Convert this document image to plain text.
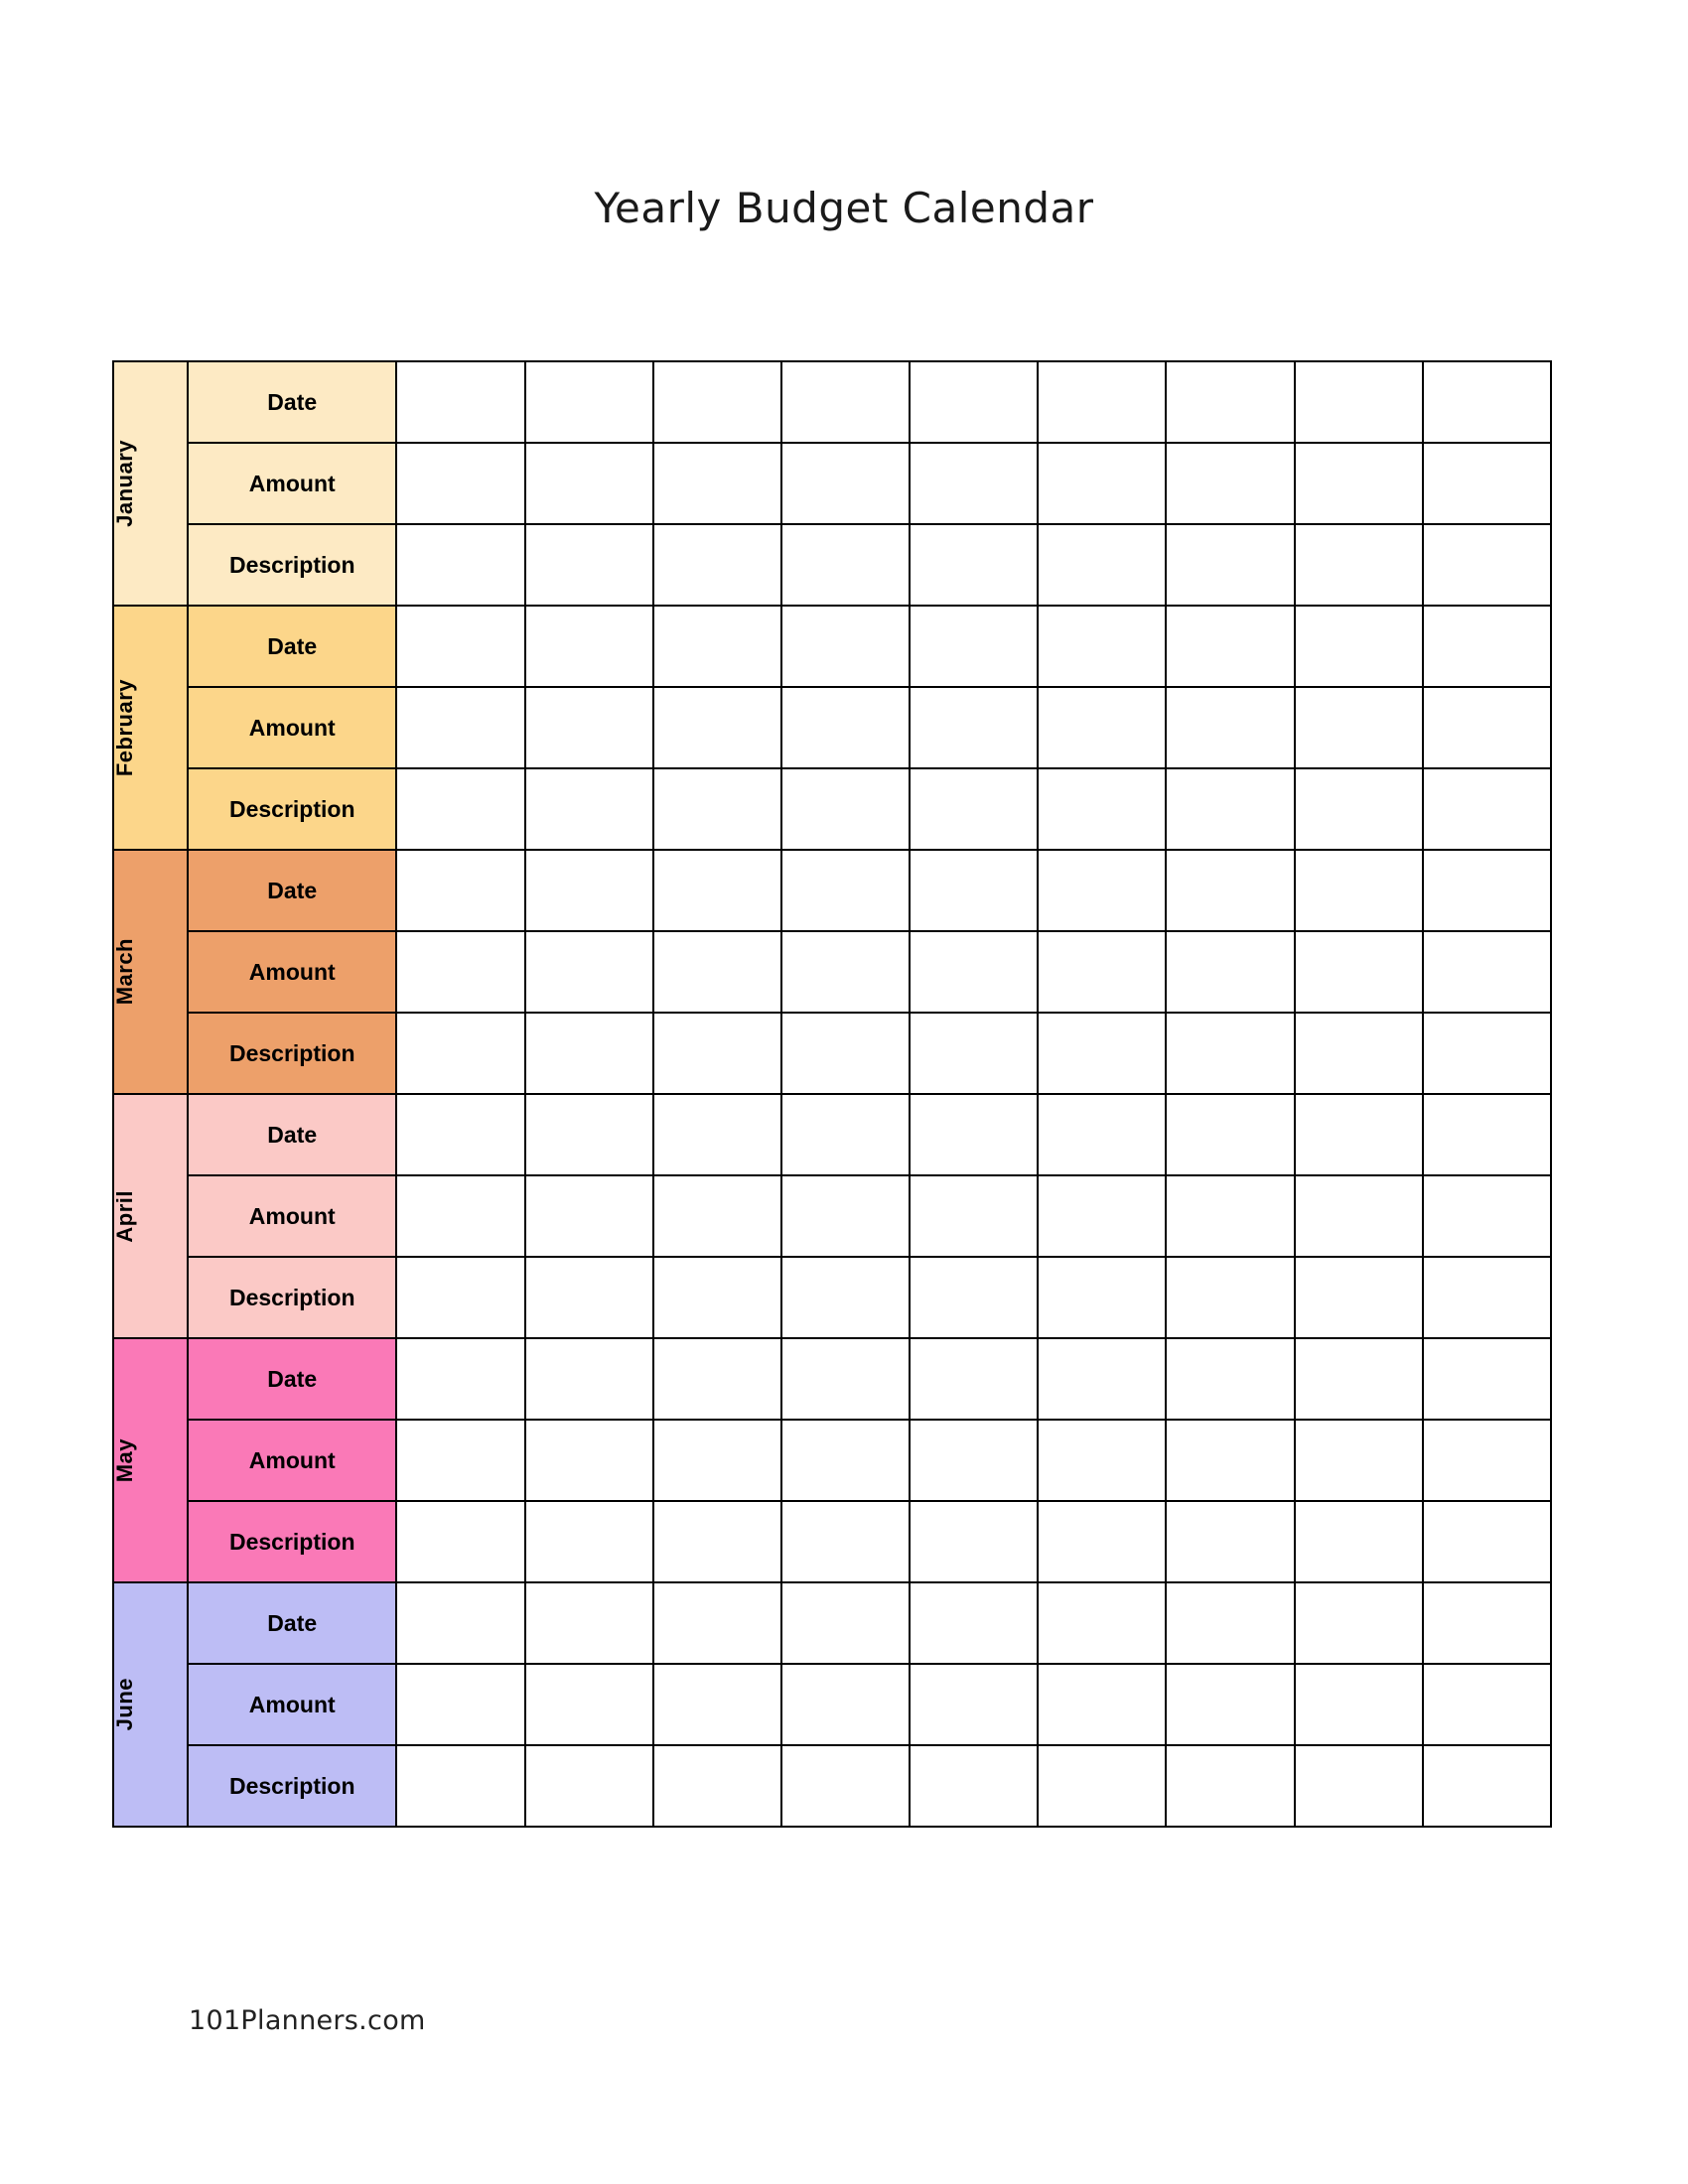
Yearly Budget Calendar
January	Date									
	Amount									
	Description									

February	Date									
	Amount									
	Description									

March	Date									
	Amount									
	Description									

April	Date									
	Amount									
	Description									

May	Date									
	Amount									
	Description									

June	Date									
	Amount									
	Description									
101Planners.com
